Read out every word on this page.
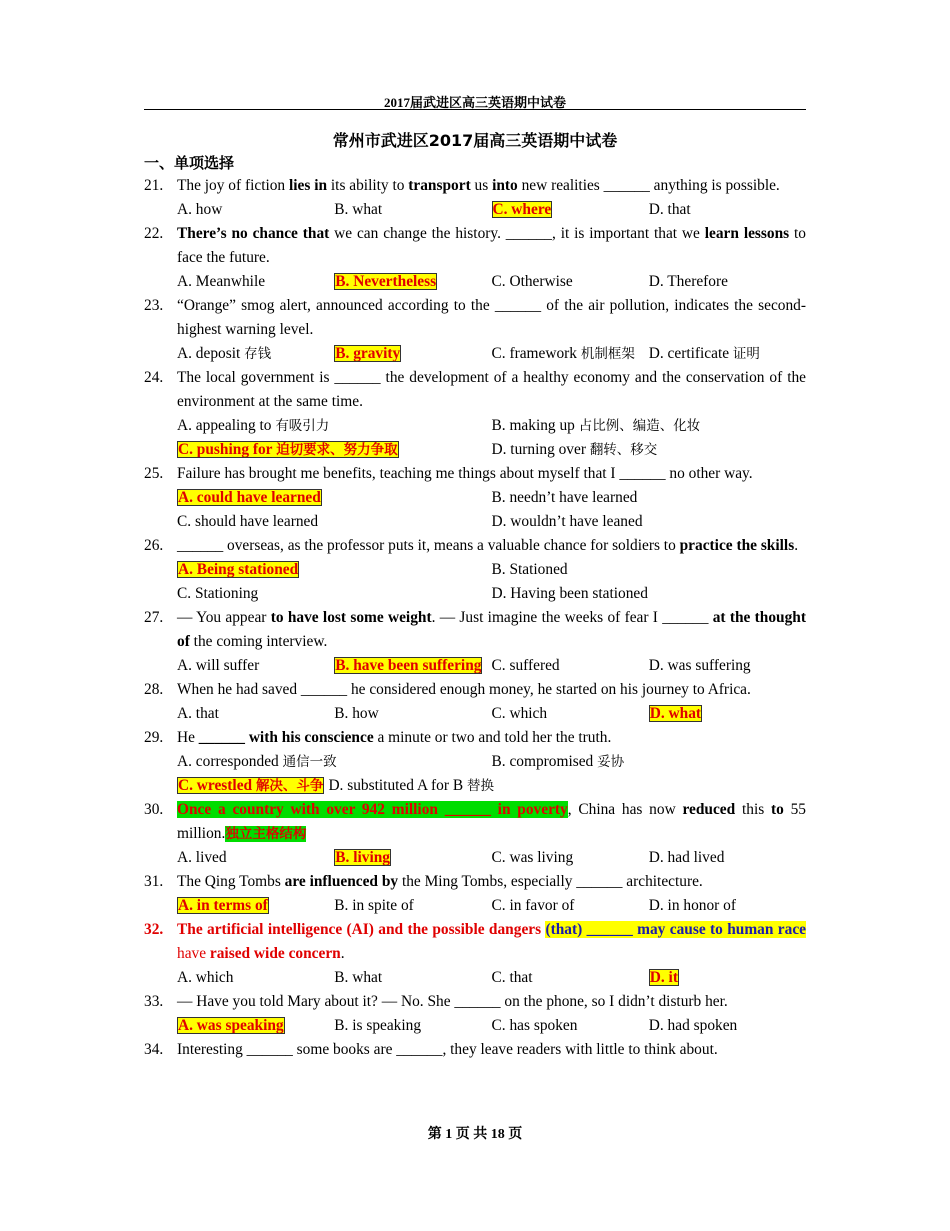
2017届武进区高三英语期中试卷
常州市武进区2017届高三英语期中试卷
一、单项选择
21. The joy of fiction lies in its ability to transport us into new realities ______ anything is possible.
A. how	B. what	C. where	D. that
22. There’s no chance that we can change the history. ______, it is important that we learn lessons to face the future.
A. Meanwhile	B. Nevertheless	C. Otherwise	D. Therefore
23. “Orange” smog alert, announced according to the ______ of the air pollution, indicates the second-highest warning level.
A. deposit 存钱	B. gravity	C. framework 机制框架 D. certificate 证明
24. The local government is ______ the development of a healthy economy and the conservation of the environment at the same time.
A. appealing to 有吸引力	B. making up 占比例、编造、化妆
C. pushing for 迫切要求、努力争取	D. turning over 翻转、移交
25. Failure has brought me benefits, teaching me things about myself that I ______ no other way.
A. could have learned	B. needn’t have learned
C. should have learned	D. wouldn’t have leaned
26. ______ overseas, as the professor puts it, means a valuable chance for soldiers to practice the skills.
A. Being stationed	B. Stationed
C. Stationing	D. Having been stationed
27. — You appear to have lost some weight. — Just imagine the weeks of fear I ______ at the thought of the coming interview.
A. will suffer	B. have been suffering C. suffered	D. was suffering
28. When he had saved ______ he considered enough money, he started on his journey to Africa.
A. that	B. how	C. which	D. what
29. He ______ with his conscience a minute or two and told her the truth.
A. corresponded 通信一致	B. compromised 妥协
C. wrestled 解决、斗争 D. substituted A for B 替换
30. Once a country with over 942 million ______ in poverty, China has now reduced this to 55 million.独立主格结构
A. lived	B. living	C. was living	D. had lived
31. The Qing Tombs are influenced by the Ming Tombs, especially ______ architecture.
A. in terms of	B. in spite of	C. in favor of	D. in honor of
32. The artificial intelligence (AI) and the possible dangers (that) ______ may cause to human race have raised wide concern.
A. which	B. what	C. that	D. it
33. — Have you told Mary about it? — No. She ______ on the phone, so I didn’t disturb her.
A. was speaking	B. is speaking	C. has spoken	D. had spoken
34. Interesting ______ some books are ______, they leave readers with little to think about.
第 1 页 共 18 页
